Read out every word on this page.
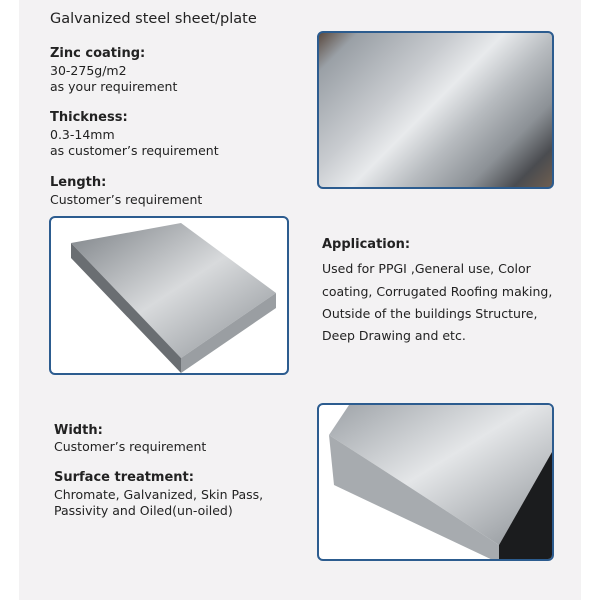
Galvanized steel sheet/plate
Zinc coating:
30-275g/m2
as your requirement
Thickness:
0.3-14mm
as customer’s requirement
Length:
Customer’s requirement
Application:
Used for PPGI ,General use, Color
coating, Corrugated Roofing making,
Outside of the buildings Structure,
Deep Drawing and etc.
Width:
Customer’s requirement
Surface treatment:
Chromate, Galvanized, Skin Pass,
Passivity and Oiled(un-oiled)
